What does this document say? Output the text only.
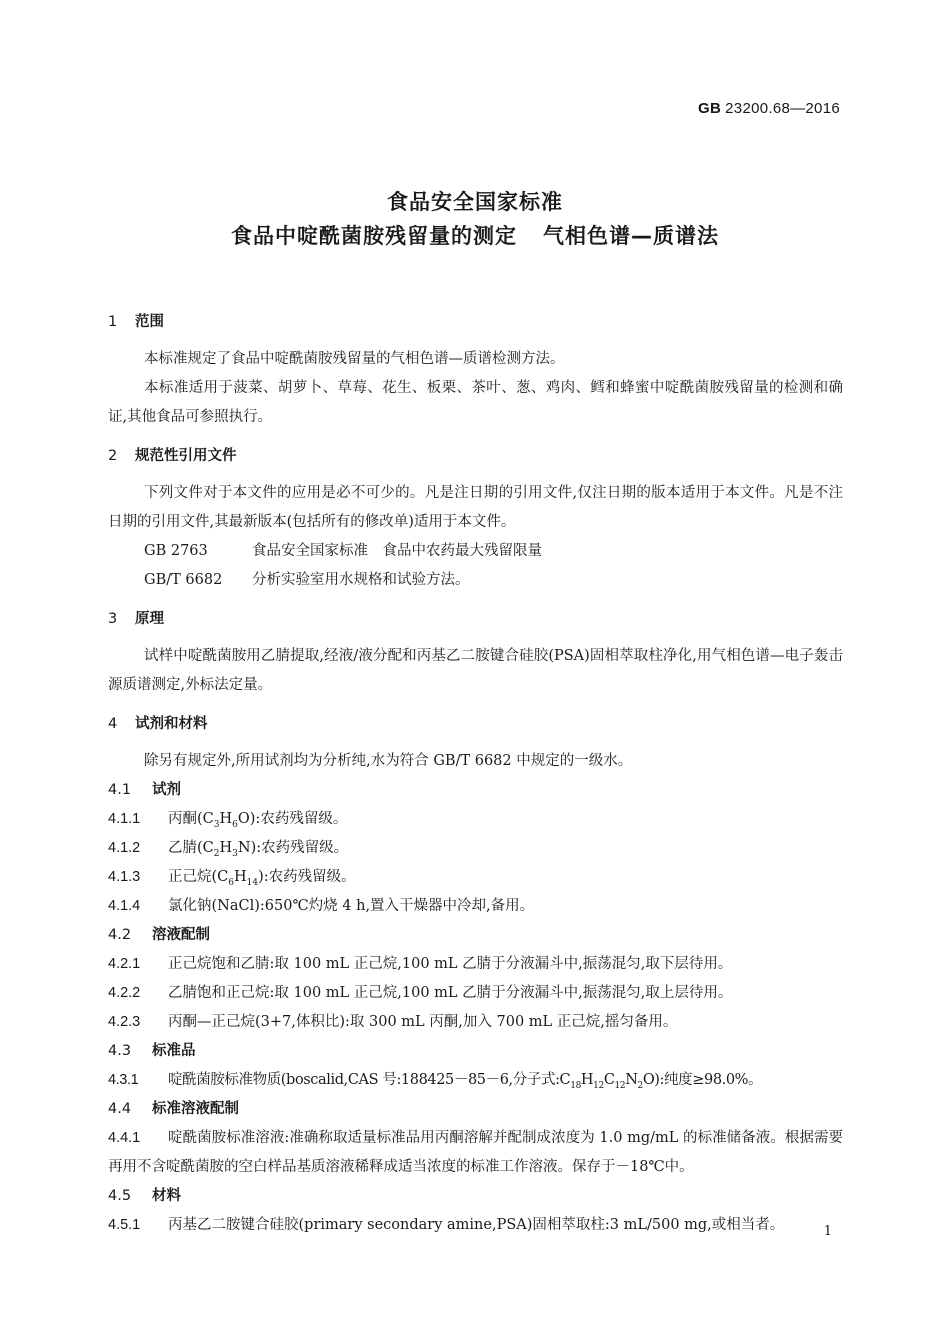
GB 23200.68—2016
食品安全国家标准
食品中啶酰菌胺残留量的测定 气相色谱—质谱法
1 范围
本标准规定了食品中啶酰菌胺残留量的气相色谱—质谱检测方法。
本标准适用于菠菜、胡萝卜、草莓、花生、板栗、茶叶、葱、鸡肉、鳕和蜂蜜中啶酰菌胺残留量的检测和确证,其他食品可参照执行。
2 规范性引用文件
下列文件对于本文件的应用是必不可少的。凡是注日期的引用文件,仅注日期的版本适用于本文件。凡是不注日期的引用文件,其最新版本(包括所有的修改单)适用于本文件。
GB 2763	食品安全国家标准　食品中农药最大残留限量
GB/T 6682 分析实验室用水规格和试验方法。
3 原理
试样中啶酰菌胺用乙腈提取,经液/液分配和丙基乙二胺键合硅胶(PSA)固相萃取柱净化,用气相色谱—电子轰击源质谱测定,外标法定量。
4 试剂和材料
除另有规定外,所用试剂均为分析纯,水为符合 GB/T 6682 中规定的一级水。
4.1 试剂
4.1.1 丙酮$(C_3H_6O)$:农药残留级。
4.1.2 乙腈$(C_2H_3N)$:农药残留级。
4.1.3 正己烷$(C_6H_{14})$:农药残留级。
4.1.4 氯化钠(NaCl):650℃灼烧 4 h,置入干燥器中冷却,备用。
4.2 溶液配制
4.2.1 正己烷饱和乙腈:取 100 mL 正己烷,100 mL 乙腈于分液漏斗中,振荡混匀,取下层待用。
4.2.2 乙腈饱和正己烷:取 100 mL 正己烷,100 mL 乙腈于分液漏斗中,振荡混匀,取上层待用。
4.2.3 丙酮—正己烷(3+7,体积比):取 300 mL 丙酮,加入 700 mL 正己烷,摇匀备用。
4.3 标准品
4.3.1 啶酰菌胺标准物质(boscalid,CAS 号:188425－85－6,分子式$:C_{18}H_{12}C_{12}N_2O$):纯度≥98.0%。
4.4 标准溶液配制
4.4.1 啶酰菌胺标准溶液:准确称取适量标准品用丙酮溶解并配制成浓度为 1.0 mg/mL 的标准储备液。根据需要再用不含啶酰菌胺的空白样品基质溶液稀释成适当浓度的标准工作溶液。保存于－18℃中。
4.5 材料
4.5.1 丙基乙二胺键合硅胶(primary secondary amine,PSA)固相萃取柱:3 mL/500 mg,或相当者。	1
